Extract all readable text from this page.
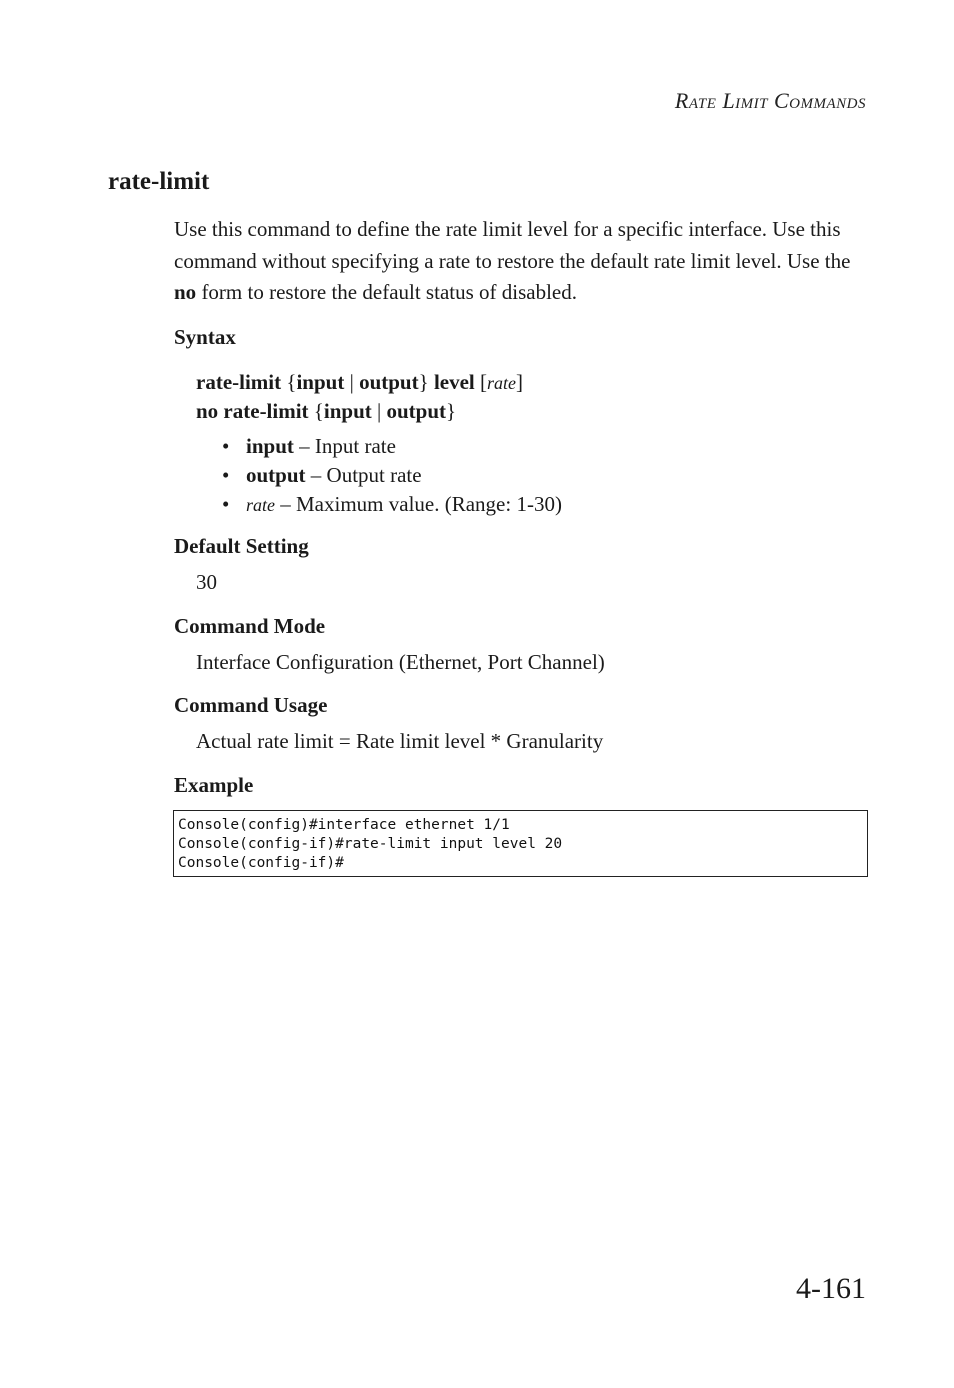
Rate Limit Commands
rate-limit
Use this command to define the rate limit level for a specific interface. Use this command without specifying a rate to restore the default rate limit level. Use the no form to restore the default status of disabled.
Syntax
rate-limit {input | output} level [rate]
no rate-limit {input | output}
• input – Input rate
• output – Output rate
• rate – Maximum value. (Range: 1-30)
Default Setting
30
Command Mode
Interface Configuration (Ethernet, Port Channel)
Command Usage
Actual rate limit = Rate limit level * Granularity
Example
Console(config)#interface ethernet 1/1
Console(config-if)#rate-limit input level 20
Console(config-if)#
4-161
